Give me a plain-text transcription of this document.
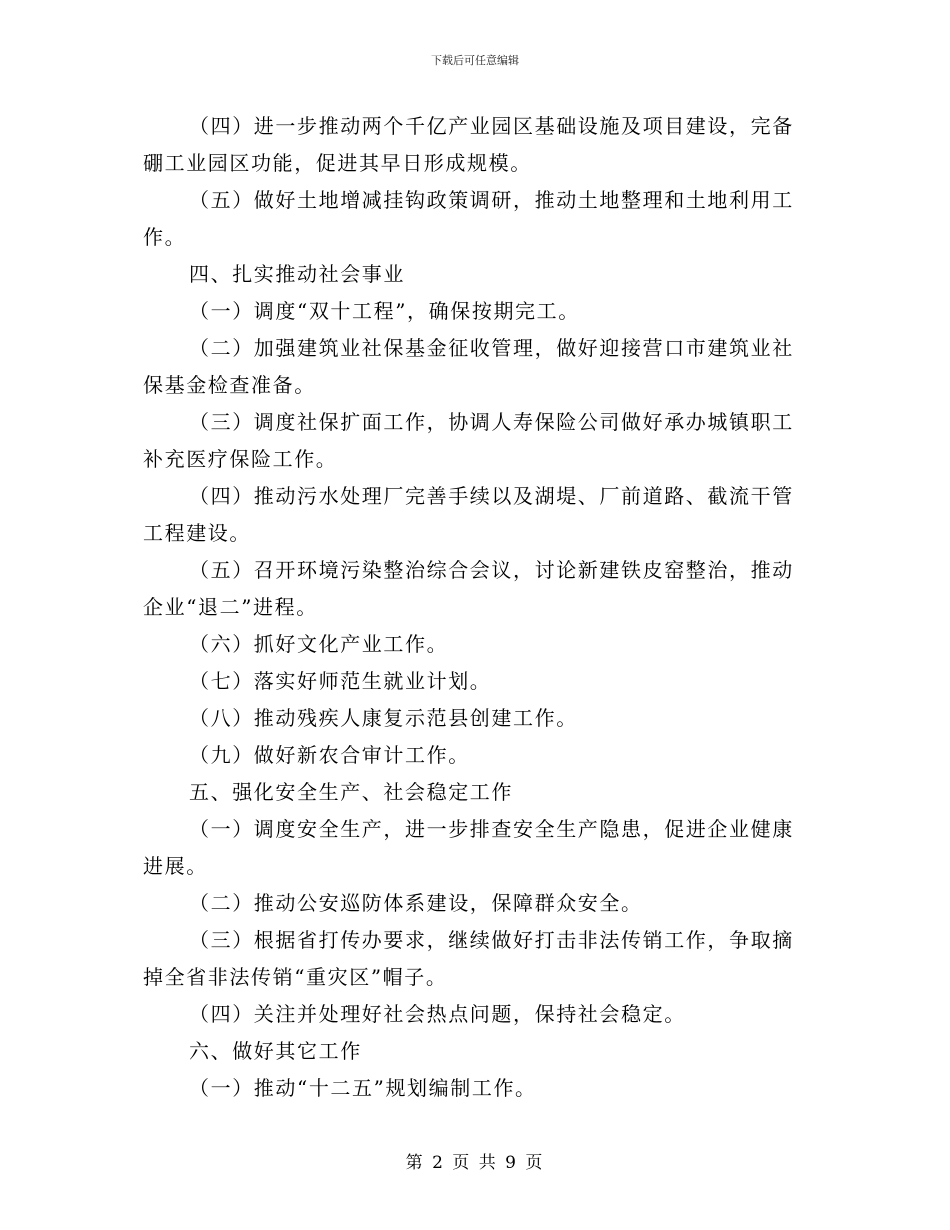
下载后可任意编辑

（四）进一步推动两个千亿产业园区基础设施及项目建设，完备

硼工业园区功能，促进其早日形成规模。

（五）做好土地增减挂钩政策调研，推动土地整理和土地利用工

作。

四、扎实推动社会事业

（一）调度“双十工程”，确保按期完工。

（二）加强建筑业社保基金征收管理，做好迎接营口市建筑业社

保基金检查准备。

（三）调度社保扩面工作，协调人寿保险公司做好承办城镇职工

补充医疗保险工作。

（四）推动污水处理厂完善手续以及湖堤、厂前道路、截流干管

工程建设。

（五）召开环境污染整治综合会议，讨论新建铁皮窑整治，推动

企业“退二”进程。

（六）抓好文化产业工作。

（七）落实好师范生就业计划。

（八）推动残疾人康复示范县创建工作。

（九）做好新农合审计工作。

五、强化安全生产、社会稳定工作

（一）调度安全生产，进一步排查安全生产隐患，促进企业健康

进展。

（二）推动公安巡防体系建设，保障群众安全。

（三）根据省打传办要求，继续做好打击非法传销工作，争取摘

掉全省非法传销“重灾区”帽子。

（四）关注并处理好社会热点问题，保持社会稳定。

六、做好其它工作

（一）推动“十二五”规划编制工作。

第 2 页 共 9 页
